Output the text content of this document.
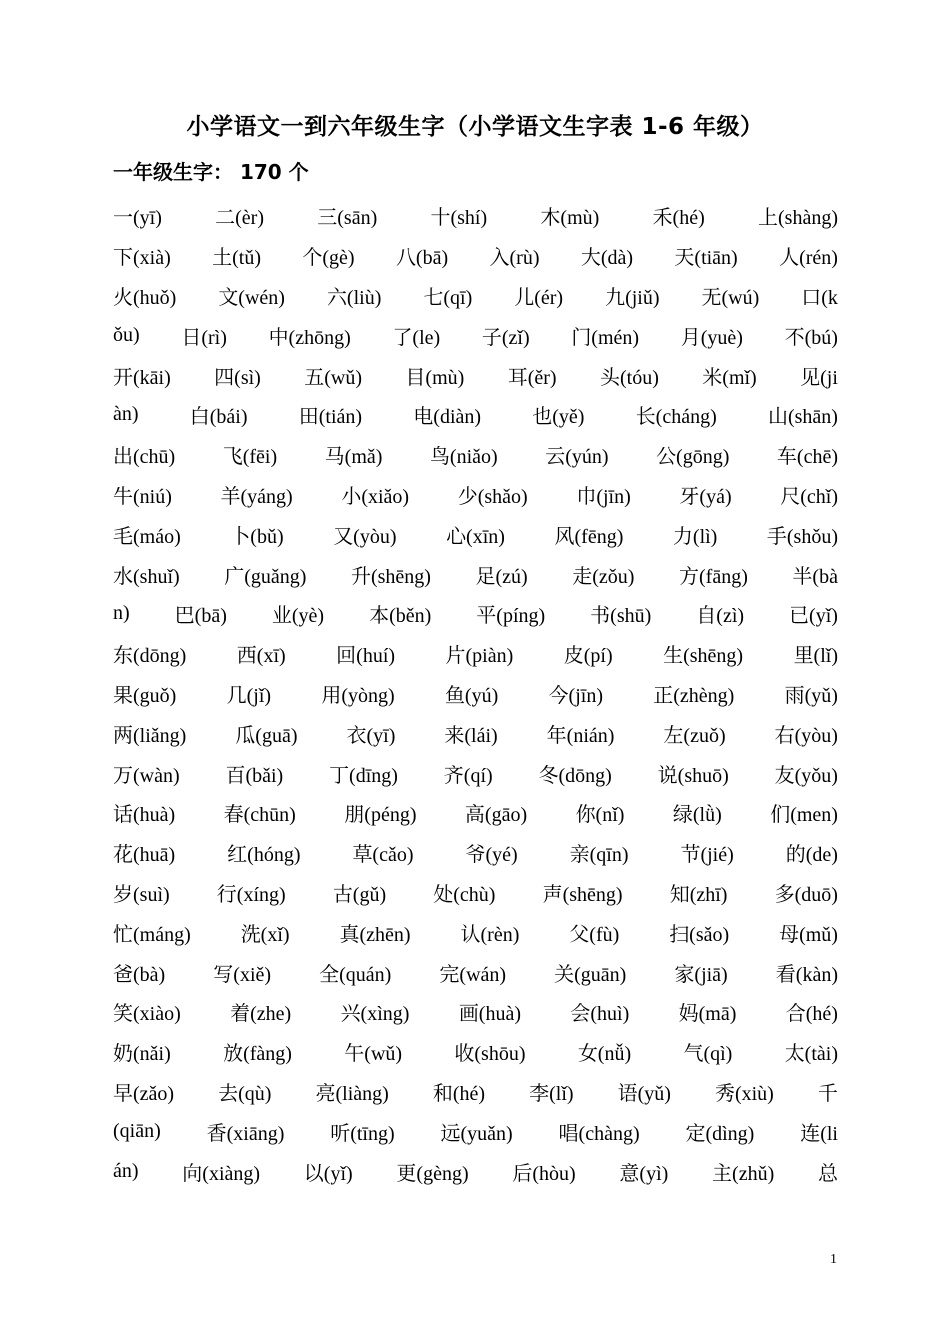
小学语文一到六年级生字（小学语文生字表 1-6 年级）
一年级生字： 170 个
一(yī)	二(èr)	三(sān)	十(shí)	木(mù)	禾(hé)	上(shàng)
下(xià) 土(tǔ) 个(gè) 八(bā) 入(rù) 大(dà) 天(tiān) 人(rén)
火(huǒ) 文(wén) 六(liù) 七(qī) 儿(ér) 九(jiǔ) 无(wú) 口(k
ǒu) 日(rì) 中(zhōng) 了(le) 子(zǐ) 门(mén) 月(yuè) 不(bú)
开(kāi) 四(sì) 五(wǔ) 目(mù) 耳(ěr) 头(tóu) 米(mǐ) 见(ji
àn)	白(bái)	田(tián)	电(diàn)	也(yě)	长(cháng)	山(shān)
出(chū) 飞(fēi) 马(mǎ) 鸟(niǎo) 云(yún) 公(gōng) 车(chē)
牛(niú) 羊(yáng) 小(xiǎo) 少(shǎo) 巾(jīn) 牙(yá) 尺(chǐ)
毛(máo) 卜(bǔ) 又(yòu) 心(xīn) 风(fēng) 力(lì) 手(shǒu)
水(shuǐ) 广(guǎng) 升(shēng) 足(zú) 走(zǒu) 方(fāng) 半(bà
n) 巴(bā) 业(yè) 本(běn) 平(píng) 书(shū) 自(zì) 已(yǐ)
东(dōng)	西(xī)	回(huí)	片(piàn)	皮(pí)	生(shēng)	里(lǐ)
果(guǒ)	几(jǐ)	用(yòng)	鱼(yú)	今(jīn)	正(zhèng)	雨(yǔ)
两(liǎng) 瓜(guā) 衣(yī) 来(lái) 年(nián) 左(zuǒ) 右(yòu)
万(wàn) 百(bǎi) 丁(dīng) 齐(qí) 冬(dōng) 说(shuō) 友(yǒu)
话(huà) 春(chūn) 朋(péng) 高(gāo) 你(nǐ) 绿(lǜ) 们(men)
花(huā)	红(hóng)	草(cǎo)	爷(yé)	亲(qīn)	节(jié)	的(de)
岁(suì) 行(xíng) 古(gǔ) 处(chù) 声(shēng) 知(zhī) 多(duō)
忙(máng) 洗(xǐ) 真(zhēn) 认(rèn) 父(fù) 扫(sǎo) 母(mǔ)
爸(bà) 写(xiě) 全(quán) 完(wán) 关(guān) 家(jiā) 看(kàn)
笑(xiào) 着(zhe) 兴(xìng) 画(huà) 会(huì) 妈(mā) 合(hé)
奶(nǎi)	放(fàng)	午(wǔ)	收(shōu)	女(nǚ)	气(qì)	太(tài)
早(zǎo) 去(qù) 亮(liàng) 和(hé) 李(lǐ) 语(yǔ) 秀(xiù) 千
(qiān) 香(xiāng) 听(tīng) 远(yuǎn) 唱(chàng) 定(dìng) 连(li
án) 向(xiàng) 以(yǐ) 更(gèng) 后(hòu) 意(yì) 主(zhǔ) 总
1
